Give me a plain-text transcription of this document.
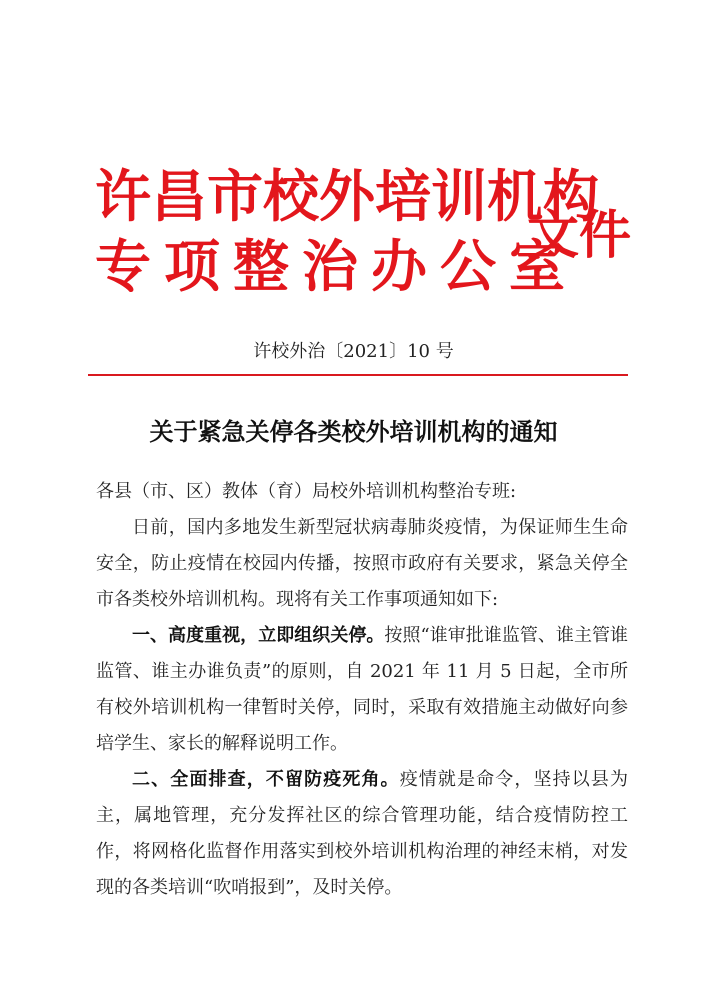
许昌市校外培训机构
专项整治办公室
文件
许校外治〔2021〕10 号
关于紧急关停各类校外培训机构的通知

各县（市、区）教体（育）局校外培训机构整治专班:

日前，国内多地发生新型冠状病毒肺炎疫情，为保证师生生命安全，防止疫情在校园内传播，按照市政府有关要求，紧急关停全市各类校外培训机构。现将有关工作事项通知如下:

一、高度重视，立即组织关停。按照“谁审批谁监管、谁主管谁监管、谁主办谁负责”的原则，自 2021 年 11 月 5 日起，全市所有校外培训机构一律暂时关停，同时，采取有效措施主动做好向参培学生、家长的解释说明工作。

二、全面排查，不留防疫死角。疫情就是命令，坚持以县为主，属地管理，充分发挥社区的综合管理功能，结合疫情防控工作，将网格化监督作用落实到校外培训机构治理的神经末梢，对发现的各类培训“吹哨报到”，及时关停。
